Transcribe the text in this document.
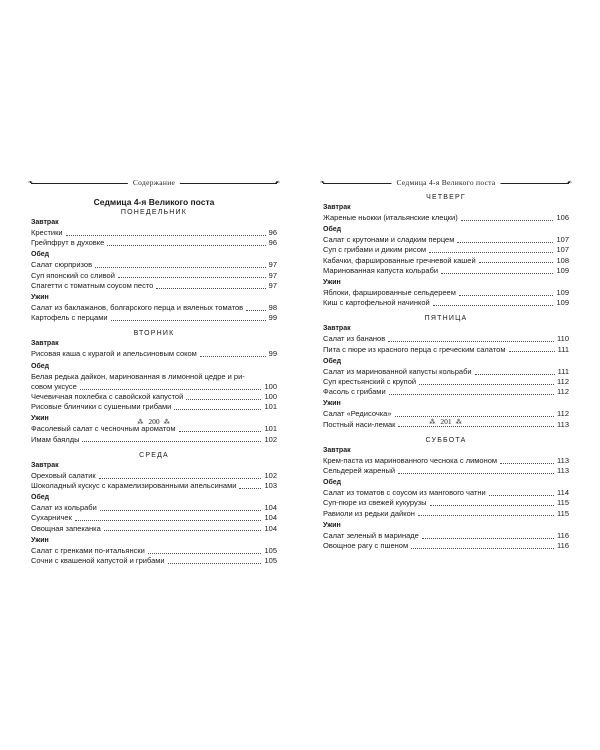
❧	Содержание	☙
Седмица 4-я Великого поста
ПОНЕДЕЛЬНИК
Завтрак
Крестики	96
Грейпфрут в духовке	96
Обед
Салат сюрпризов	97
Суп японский со сливой	97
Спагетти с томатным соусом песто	97
Ужин
Салат из баклажанов, болгарского перца и вяленых томатов	98
Картофель с перцами	99
ВТОРНИК
Завтрак
Рисовая каша с курагой и апельсиновым соком	99
Обед
Белая редька дайкон, маринованная в лимонной цедре и ри-
совом уксусе	100
Чечевичная похлебка с савойской капустой	100
Рисовые блинчики с сушеными грибами	101
Ужин
Фасолевый салат с чесночным ароматом	101
Имам баялды	102
СРЕДА
Завтрак
Ореховый салатик	102
Шоколадный кускус с карамелизированными апельсинами	103
Обед
Салат из кольраби	104
Сухарничек	104
Овощная запеканка	104
Ужин
Салат с гренками по-итальянски	105
Сочни с квашеной капустой и грибами	105
⁂ 200 ⁂
❧	Седмица 4-я Великого поста	☙
ЧЕТВЕРГ
Завтрак
Жареные ньокки (итальянские клецки)	106
Обед
Салат с крутонами и сладким перцем	107
Суп с грибами и диким рисом	107
Кабачки, фаршированные гречневой кашей	108
Маринованная капуста кольраби	109
Ужин
Яблоки, фаршированные сельдереем	109
Киш с картофельной начинкой	109
ПЯТНИЦА
Завтрак
Салат из бананов	110
Пита с пюре из красного перца с греческим салатом	111
Обед
Салат из маринованной капусты кольраби	111
Суп крестьянский с крупой	112
Фасоль с грибами	112
Ужин
Салат «Редисочка»	112
Постный наси-лемак	113
СУББОТА
Завтрак
Крем-паста из маринованного чеснока с лимоном	113
Сельдерей жареный	113
Обед
Салат из томатов с соусом из мангового чатни	114
Суп-пюре из свежей кукурузы	115
Равиоли из редьки дайкон	115
Ужин
Салат зеленый в маринаде	116
Овощное рагу с пшеном	116
⁂ 201 ⁂
